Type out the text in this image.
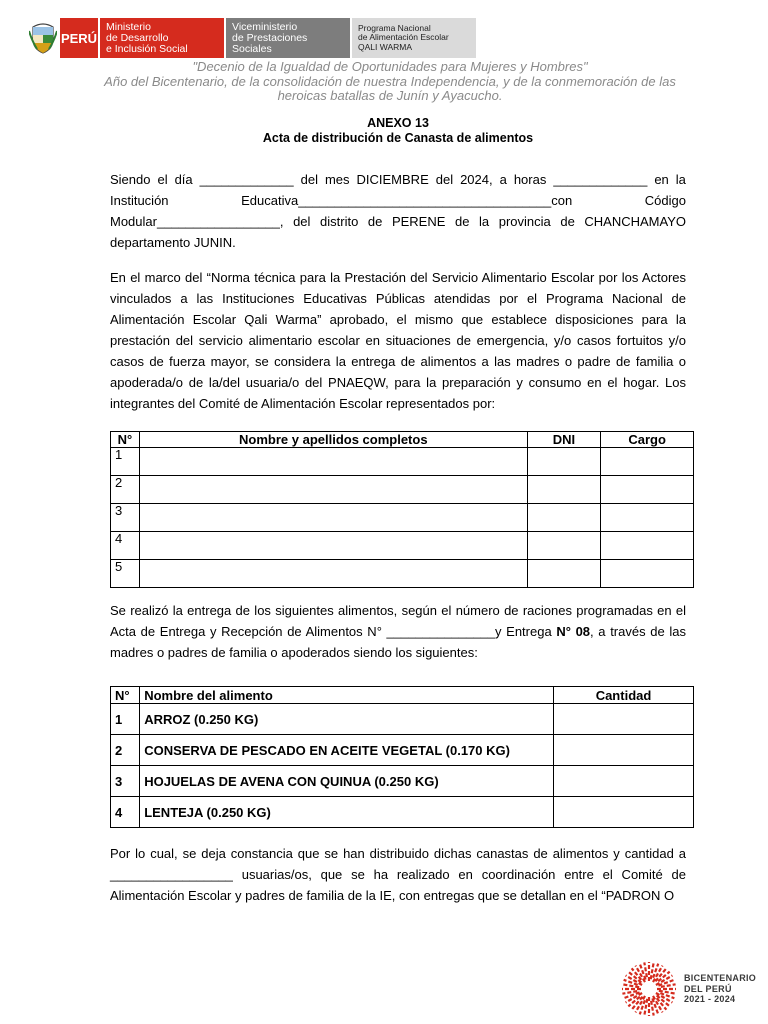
PERÚ
Ministerio
de Desarrollo
e Inclusión Social
Viceministerio
de Prestaciones Sociales
Programa Nacional
de Alimentación Escolar
QALI WARMA
"Decenio de la Igualdad de Oportunidades para Mujeres y Hombres"
Año del Bicentenario, de la consolidación de nuestra Independencia, y de la conmemoración de las
heroicas batallas de Junín y Ayacucho.
ANEXO 13
Acta de distribución de Canasta de alimentos
Siendo el día _____________ del mes DICIEMBRE del 2024, a horas _____________ en la
Institución	Educativa___________________________________con	Código
Modular_________________, del distrito de PERENE de la provincia de CHANCHAMAYO
departamento JUNIN.
En el marco del “Norma técnica para la Prestación del Servicio Alimentario Escolar por los Actores vinculados a las Instituciones Educativas Públicas atendidas por el Programa Nacional de Alimentación Escolar Qali Warma” aprobado, el mismo que establece disposiciones para la prestación del servicio alimentario escolar en situaciones de emergencia, y/o casos fortuitos y/o casos de fuerza mayor, se considera la entrega de alimentos a las madres o padre de familia o apoderada/o de la/del usuaria/o del PNAEQW, para la preparación y consumo en el hogar. Los integrantes del Comité de Alimentación Escolar representados por:
N°	Nombre y apellidos completos	DNI	Cargo
1			
2			
3			
4			
5			
Se realizó la entrega de los siguientes alimentos, según el número de raciones programadas en el Acta de Entrega y Recepción de Alimentos N° _______________y Entrega N° 08, a través de las madres o padres de familia o apoderados siendo los siguientes:
N°	Nombre del alimento	Cantidad
1	ARROZ (0.250 KG)	
2	CONSERVA DE PESCADO EN ACEITE VEGETAL (0.170 KG)	
3	HOJUELAS DE AVENA CON QUINUA (0.250 KG)	
4	LENTEJA (0.250 KG)	
Por lo cual, se deja constancia que se han distribuido dichas canastas de alimentos y cantidad a _________________ usuarias/os, que se ha realizado en coordinación entre el Comité de Alimentación Escolar y padres de familia de la IE, con entregas que se detallan en el “PADRON O
BICENTENARIO
DEL PERÚ
2021 - 2024
